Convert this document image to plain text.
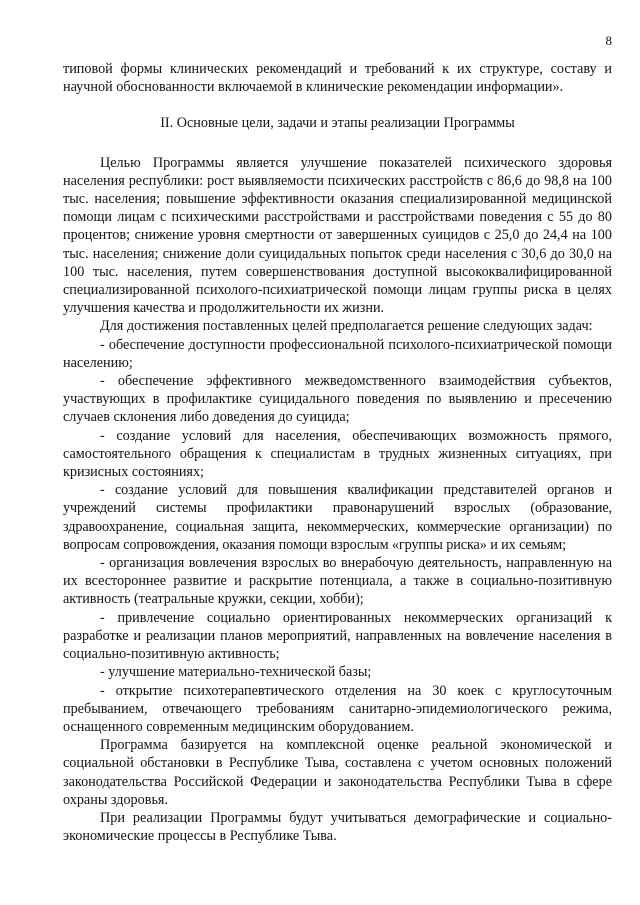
8

типовой формы клинических рекомендаций и требований к их структуре, составу и научной обоснованности включаемой в клинические рекомендации информации».

II. Основные цели, задачи и этапы реализации Программы

Целью Программы является улучшение показателей психического здоровья населения республики: рост выявляемости психических расстройств с 86,6 до 98,8 на 100 тыс. населения; повышение эффективности оказания специализированной медицинской помощи лицам с психическими расстройствами и расстройствами поведения с 55 до 80 процентов; снижение уровня смертности от завершенных суицидов с 25,0 до 24,4 на 100 тыс. населения; снижение доли суицидальных попыток среди населения с 30,6 до 30,0 на 100 тыс. населения, путем совершенствования доступной высококвалифицированной специализированной психолого-психиатрической помощи лицам группы риска в целях улучшения качества и продолжительности их жизни.

Для достижения поставленных целей предполагается решение следующих задач:

- обеспечение доступности профессиональной психолого-психиатрической помощи населению;

- обеспечение эффективного межведомственного взаимодействия субъектов, участвующих в профилактике суицидального поведения по выявлению и пресечению случаев склонения либо доведения до суицида;

- создание условий для населения, обеспечивающих возможность прямого, самостоятельного обращения к специалистам в трудных жизненных ситуациях, при кризисных состояниях;

- создание условий для повышения квалификации представителей органов и учреждений системы профилактики правонарушений взрослых (образование, здравоохранение, социальная защита, некоммерческих, коммерческие организации) по вопросам сопровождения, оказания помощи взрослым «группы риска» и их семьям;

- организация вовлечения взрослых во внерабочую деятельность, направленную на их всестороннее развитие и раскрытие потенциала, а также в социально-позитивную активность (театральные кружки, секции, хобби);

- привлечение социально ориентированных некоммерческих организаций к разработке и реализации планов мероприятий, направленных на вовлечение населения в социально-позитивную активность;

- улучшение материально-технической базы;

- открытие психотерапевтического отделения на 30 коек с круглосуточным пребыванием, отвечающего требованиям санитарно-эпидемиологического режима, оснащенного современным медицинским оборудованием.

Программа базируется на комплексной оценке реальной экономической и социальной обстановки в Республике Тыва, составлена с учетом основных положений законодательства Российской Федерации и законодательства Республики Тыва в сфере охраны здоровья.

При реализации Программы будут учитываться демографические и социально-экономические процессы в Республике Тыва.
